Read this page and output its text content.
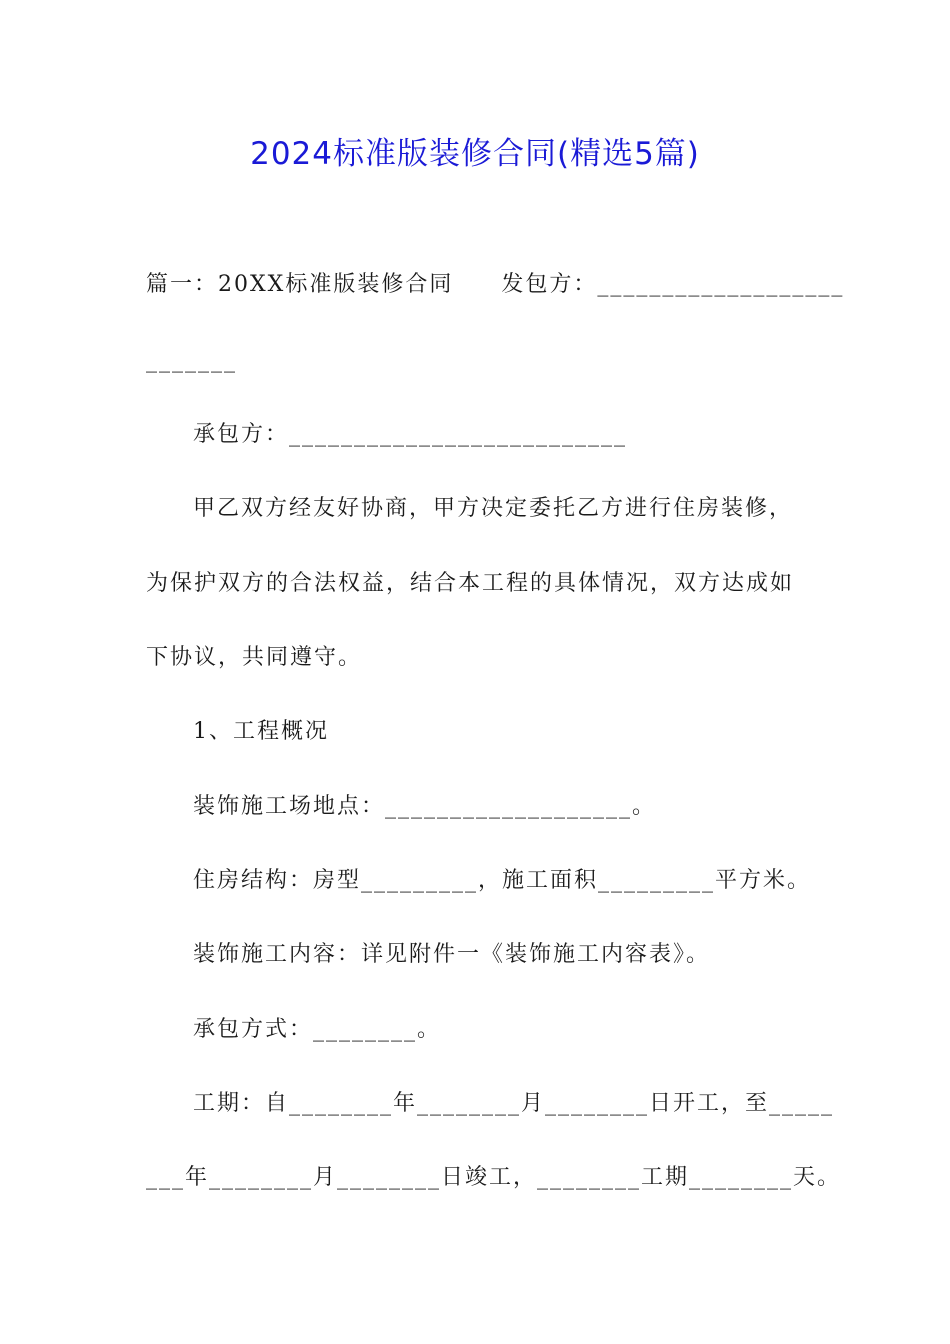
2024标准版装修合同(精选5篇)
篇一：20XX标准版装修合同　　发包方：___________________
_______
承包方：__________________________
甲乙双方经友好协商，甲方决定委托乙方进行住房装修，
为保护双方的合法权益，结合本工程的具体情况，双方达成如
下协议，共同遵守。
1、工程概况
装饰施工场地点：___________________。
住房结构：房型_________，施工面积_________平方米。
装饰施工内容：详见附件一《装饰施工内容表》。
承包方式：________。
工期：自________年________月________日开工，至_____
___年________月________日竣工，________工期________天。
